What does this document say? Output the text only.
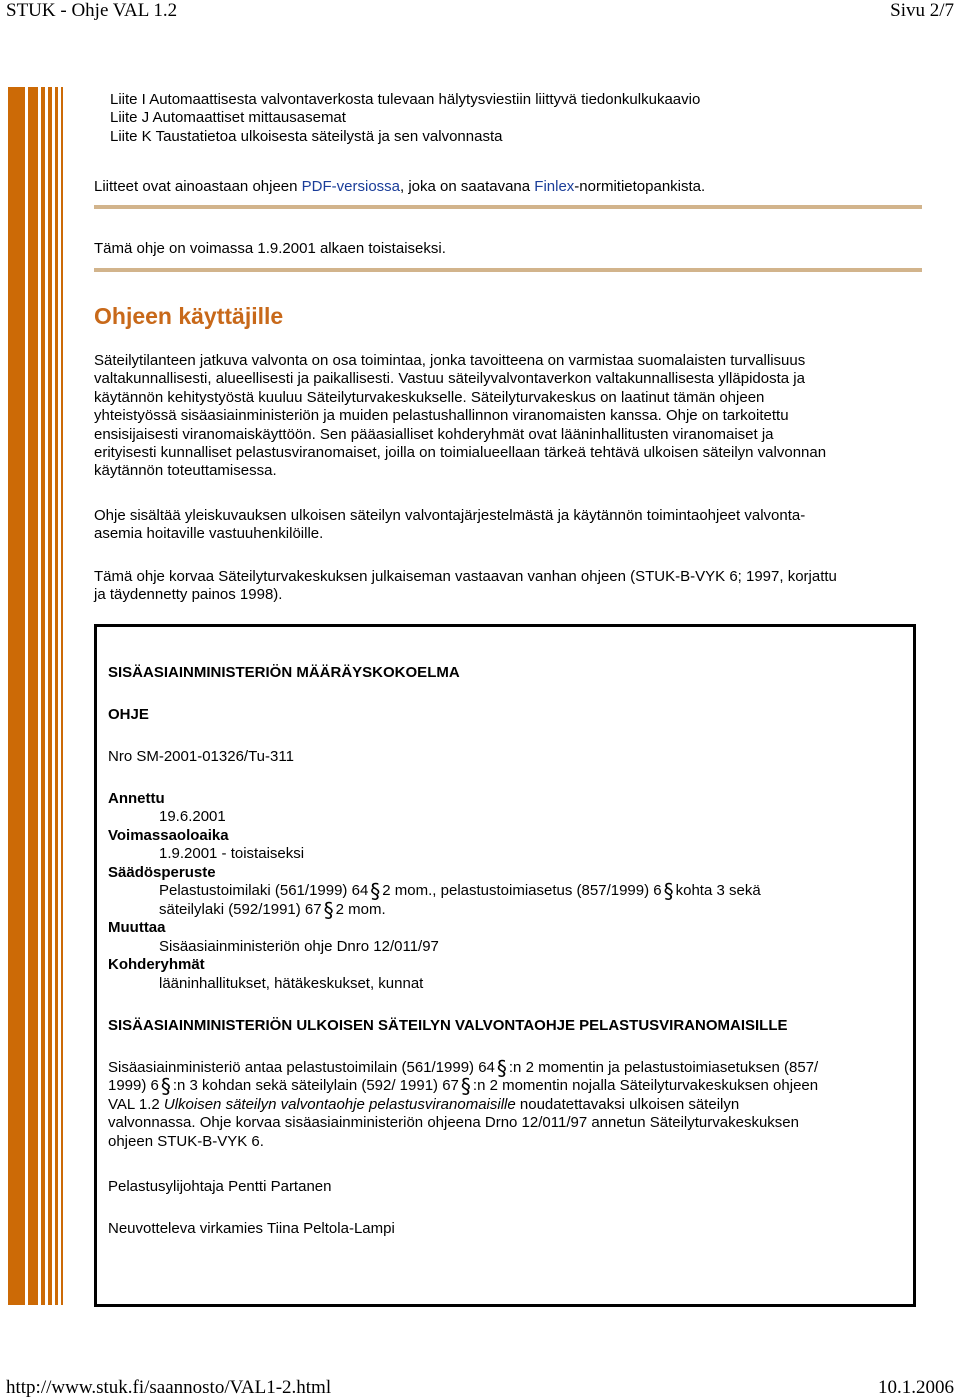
STUK - Ohje VAL 1.2	Sivu 2/7
Liite I Automaattisesta valvontaverkosta tulevaan hälytysviestiin liittyvä tiedonkulkukaavio
Liite J Automaattiset mittausasemat
Liite K Taustatietoa ulkoisesta säteilystä ja sen valvonnasta

Liitteet ovat ainoastaan ohjeen PDF-versiossa, joka on saatavana Finlex-normitietopankista.

Tämä ohje on voimassa 1.9.2001 alkaen toistaiseksi.

Ohjeen käyttäjille
Säteilytilanteen jatkuva valvonta on osa toimintaa, jonka tavoitteena on varmistaa suomalaisten turvallisuus
valtakunnallisesti, alueellisesti ja paikallisesti. Vastuu säteilyvalvontaverkon valtakunnallisesta ylläpidosta ja
käytännön kehitystyöstä kuuluu Säteilyturvakeskukselle. Säteilyturvakeskus on laatinut tämän ohjeen
yhteistyössä sisäasiainministeriön ja muiden pelastushallinnon viranomaisten kanssa. Ohje on tarkoitettu
ensisijaisesti viranomaiskäyttöön. Sen pääasialliset kohderyhmät ovat lääninhallitusten viranomaiset ja
erityisesti kunnalliset pelastusviranomaiset, joilla on toimialueellaan tärkeä tehtävä ulkoisen säteilyn valvonnan
käytännön toteuttamisessa.
Ohje sisältää yleiskuvauksen ulkoisen säteilyn valvontajärjestelmästä ja käytännön toimintaohjeet valvonta-
asemia hoitaville vastuuhenkilöille.
Tämä ohje korvaa Säteilyturvakeskuksen julkaiseman vastaavan vanhan ohjeen (STUK-B-VYK 6; 1997, korjattu
ja täydennetty painos 1998).
SISÄASIAINMINISTERIÖN MÄÄRÄYSKOKOELMA
OHJE
Nro SM-2001-01326/Tu-311
Annettu
19.6.2001
Voimassaoloaika
1.9.2001 - toistaiseksi
Säädösperuste
Pelastustoimilaki (561/1999) 64 § 2 mom., pelastustoimiasetus (857/1999) 6 § kohta 3 sekä
säteilylaki (592/1991) 67 § 2 mom.
Muuttaa
Sisäasiainministeriön ohje Dnro 12/011/97
Kohderyhmät
lääninhallitukset, hätäkeskukset, kunnat
SISÄASIAINMINISTERIÖN ULKOISEN SÄTEILYN VALVONTAOHJE PELASTUSVIRANOMAISILLE
Sisäasiainministeriö antaa pelastustoimilain (561/1999) 64 § :n 2 momentin ja pelastustoimiasetuksen (857/
1999) 6 § :n 3 kohdan sekä säteilylain (592/ 1991) 67 § :n 2 momentin nojalla Säteilyturvakeskuksen ohjeen
VAL 1.2 Ulkoisen säteilyn valvontaohje pelastusviranomaisille noudatettavaksi ulkoisen säteilyn
valvonnassa. Ohje korvaa sisäasiainministeriön ohjeena Drno 12/011/97 annetun Säteilyturvakeskuksen
ohjeen STUK-B-VYK 6.
Pelastusylijohtaja Pentti Partanen
Neuvotteleva virkamies Tiina Peltola-Lampi
http://www.stuk.fi/saannosto/VAL1-2.html	10.1.2006
